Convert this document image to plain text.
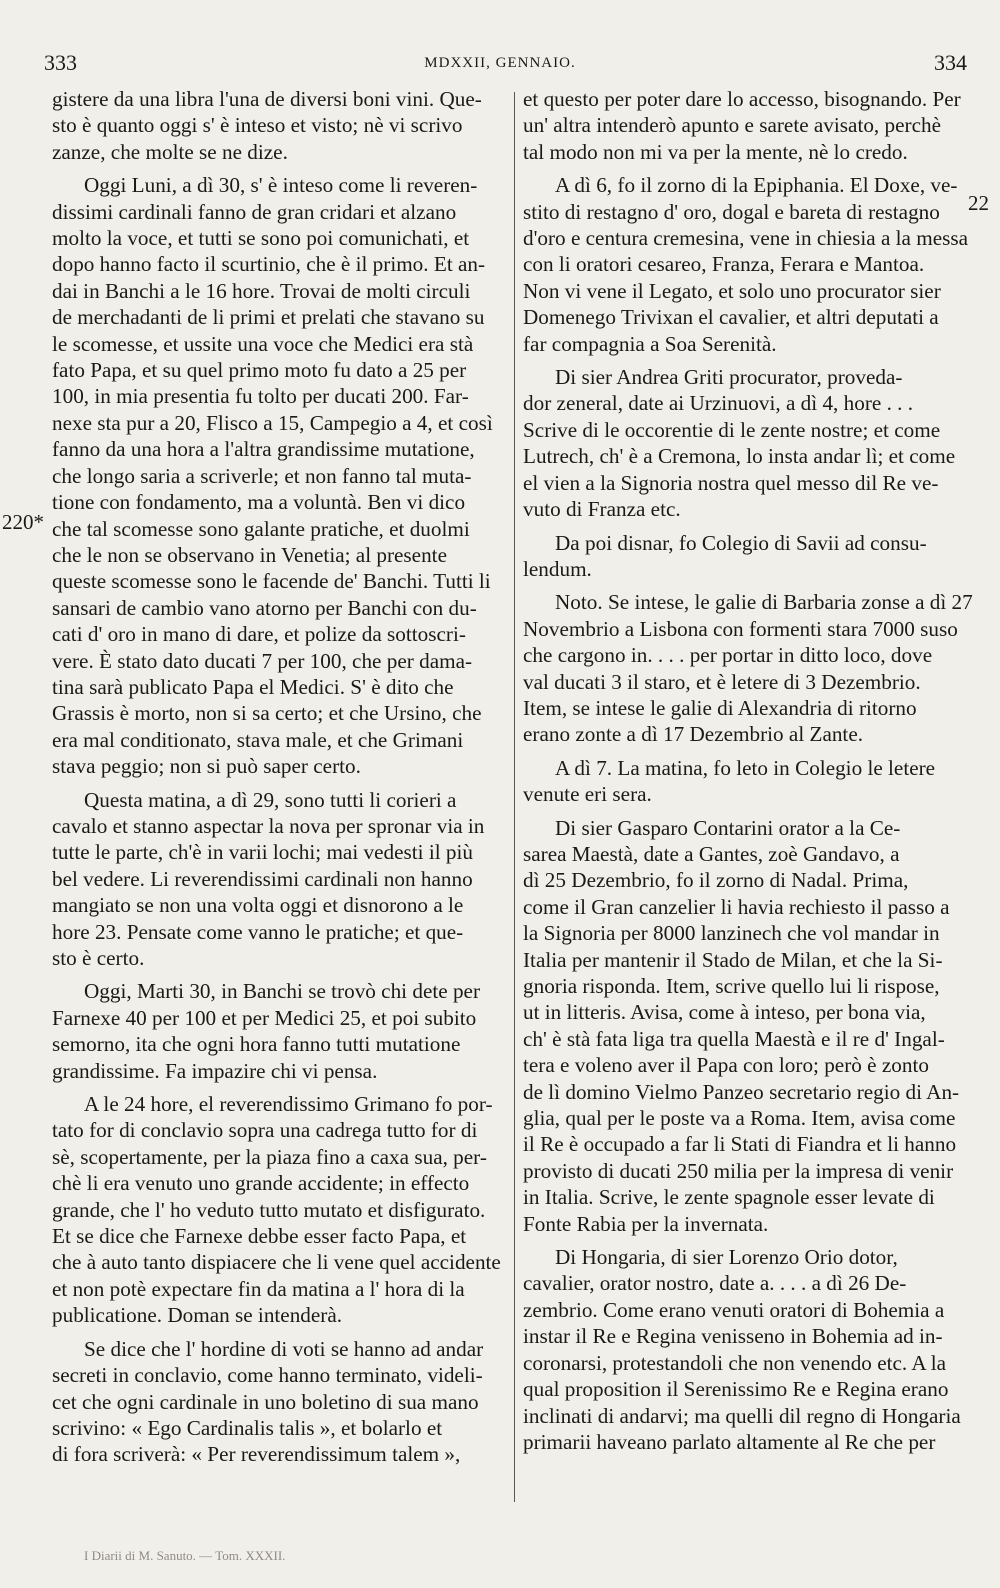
333	MDXXII, GENNAIO.	334
gistere da una libra l'una de diversi boni vini. Que-
sto è quanto oggi s' è inteso et visto; nè vi scrivo
zanze, che molte se ne dize.
Oggi Luni, a dì 30, s' è inteso come li reveren-
dissimi cardinali fanno de gran cridari et alzano
molto la voce, et tutti se sono poi comunichati, et
dopo hanno facto il scurtinio, che è il primo. Et an-
dai in Banchi a le 16 hore. Trovai de molti circuli
de merchadanti de li primi et prelati che stavano su
le scomesse, et ussite una voce che Medici era stà
fato Papa, et su quel primo moto fu dato a 25 per
100, in mia presentia fu tolto per ducati 200. Far-
nexe sta pur a 20, Flisco a 15, Campegio a 4, et così
fanno da una hora a l'altra grandissime mutatione,
che longo saria a scriverle; et non fanno tal muta-
tione con fondamento, ma a voluntà. Ben vi dico
che tal scomesse sono galante pratiche, et duolmi
che le non se observano in Venetia; al presente
queste scomesse sono le facende de' Banchi. Tutti li
sansari de cambio vano atorno per Banchi con du-
cati d' oro in mano di dare, et polize da sottoscri-
vere. È stato dato ducati 7 per 100, che per dama-
tina sarà publicato Papa el Medici. S' è dito che
Grassis è morto, non si sa certo; et che Ursino, che
era mal conditionato, stava male, et che Grimani
stava peggio; non si può saper certo.
Questa matina, a dì 29, sono tutti li corieri a
cavalo et stanno aspectar la nova per spronar via in
tutte le parte, ch'è in varii lochi; mai vedesti il più
bel vedere. Li reverendissimi cardinali non hanno
mangiato se non una volta oggi et disnorono a le
hore 23. Pensate come vanno le pratiche; et que-
sto è certo.
Oggi, Marti 30, in Banchi se trovò chi dete per
Farnexe 40 per 100 et per Medici 25, et poi subito
semorno, ita che ogni hora fanno tutti mutatione
grandissime. Fa impazire chi vi pensa.
A le 24 hore, el reverendissimo Grimano fo por-
tato for di conclavio sopra una cadrega tutto for di
sè, scopertamente, per la piaza fino a caxa sua, per-
chè li era venuto uno grande accidente; in effecto
grande, che l' ho veduto tutto mutato et disfigurato.
Et se dice che Farnexe debbe esser facto Papa, et
che à auto tanto dispiacere che li vene quel accidente
et non potè expectare fin da matina a l' hora di la
publicatione. Doman se intenderà.
Se dice che l' hordine di voti se hanno ad andar
secreti in conclavio, come hanno terminato, videli-
cet che ogni cardinale in uno boletino di sua mano
scrivino: « Ego Cardinalis talis », et bolarlo et
di fora scriverà: « Per reverendissimum talem »,
et questo per poter dare lo accesso, bisognando. Per
un' altra intenderò apunto e sarete avisato, perchè
tal modo non mi va per la mente, nè lo credo.
A dì 6, fo il zorno di la Epiphania. El Doxe, ve-
stito di restagno d' oro, dogal e bareta di restagno
d'oro e centura cremesina, vene in chiesia a la messa
con li oratori cesareo, Franza, Ferara e Mantoa.
Non vi vene il Legato, et solo uno procurator sier
Domenego Trivixan el cavalier, et altri deputati a
far compagnia a Soa Serenità.
Di sier Andrea Griti procurator, proveda-
dor zeneral, date ai Urzinuovi, a dì 4, hore . . .
Scrive di le occorentie di le zente nostre; et come
Lutrech, ch' è a Cremona, lo insta andar lì; et come
el vien a la Signoria nostra quel messo dil Re ve-
vuto di Franza etc.
Da poi disnar, fo Colegio di Savii ad consu-
lendum.
Noto. Se intese, le galie di Barbaria zonse a dì 27
Novembrio a Lisbona con formenti stara 7000 suso
che cargono in. . . . per portar in ditto loco, dove
val ducati 3 il staro, et è letere di 3 Dezembrio.
Item, se intese le galie di Alexandria di ritorno
erano zonte a dì 17 Dezembrio al Zante.
A dì 7. La matina, fo leto in Colegio le letere
venute eri sera.
Di sier Gasparo Contarini orator a la Ce-
sarea Maestà, date a Gantes, zoè Gandavo, a
dì 25 Dezembrio, fo il zorno di Nadal. Prima,
come il Gran canzelier li havia rechiesto il passo a
la Signoria per 8000 lanzinech che vol mandar in
Italia per mantenir il Stado de Milan, et che la Si-
gnoria risponda. Item, scrive quello lui li rispose,
ut in litteris. Avisa, come à inteso, per bona via,
ch' è stà fata liga tra quella Maestà e il re d' Ingal-
tera e voleno aver il Papa con loro; però è zonto
de lì domino Vielmo Panzeo secretario regio di An-
glia, qual per le poste va a Roma. Item, avisa come
il Re è occupado a far li Stati di Fiandra et li hanno
provisto di ducati 250 milia per la impresa di venir
in Italia. Scrive, le zente spagnole esser levate di
Fonte Rabia per la invernata.
Di Hongaria, di sier Lorenzo Orio dotor,
cavalier, orator nostro, date a. . . . a dì 26 De-
zembrio. Come erano venuti oratori di Bohemia a
instar il Re e Regina venisseno in Bohemia ad in-
coronarsi, protestandoli che non venendo etc. A la
qual proposition il Serenissimo Re e Regina erano
inclinati di andarvi; ma quelli dil regno di Hongaria
primarii haveano parlato altamente al Re che per
220*
22
I Diarii di M. Sanuto. — Tom. XXXII.
